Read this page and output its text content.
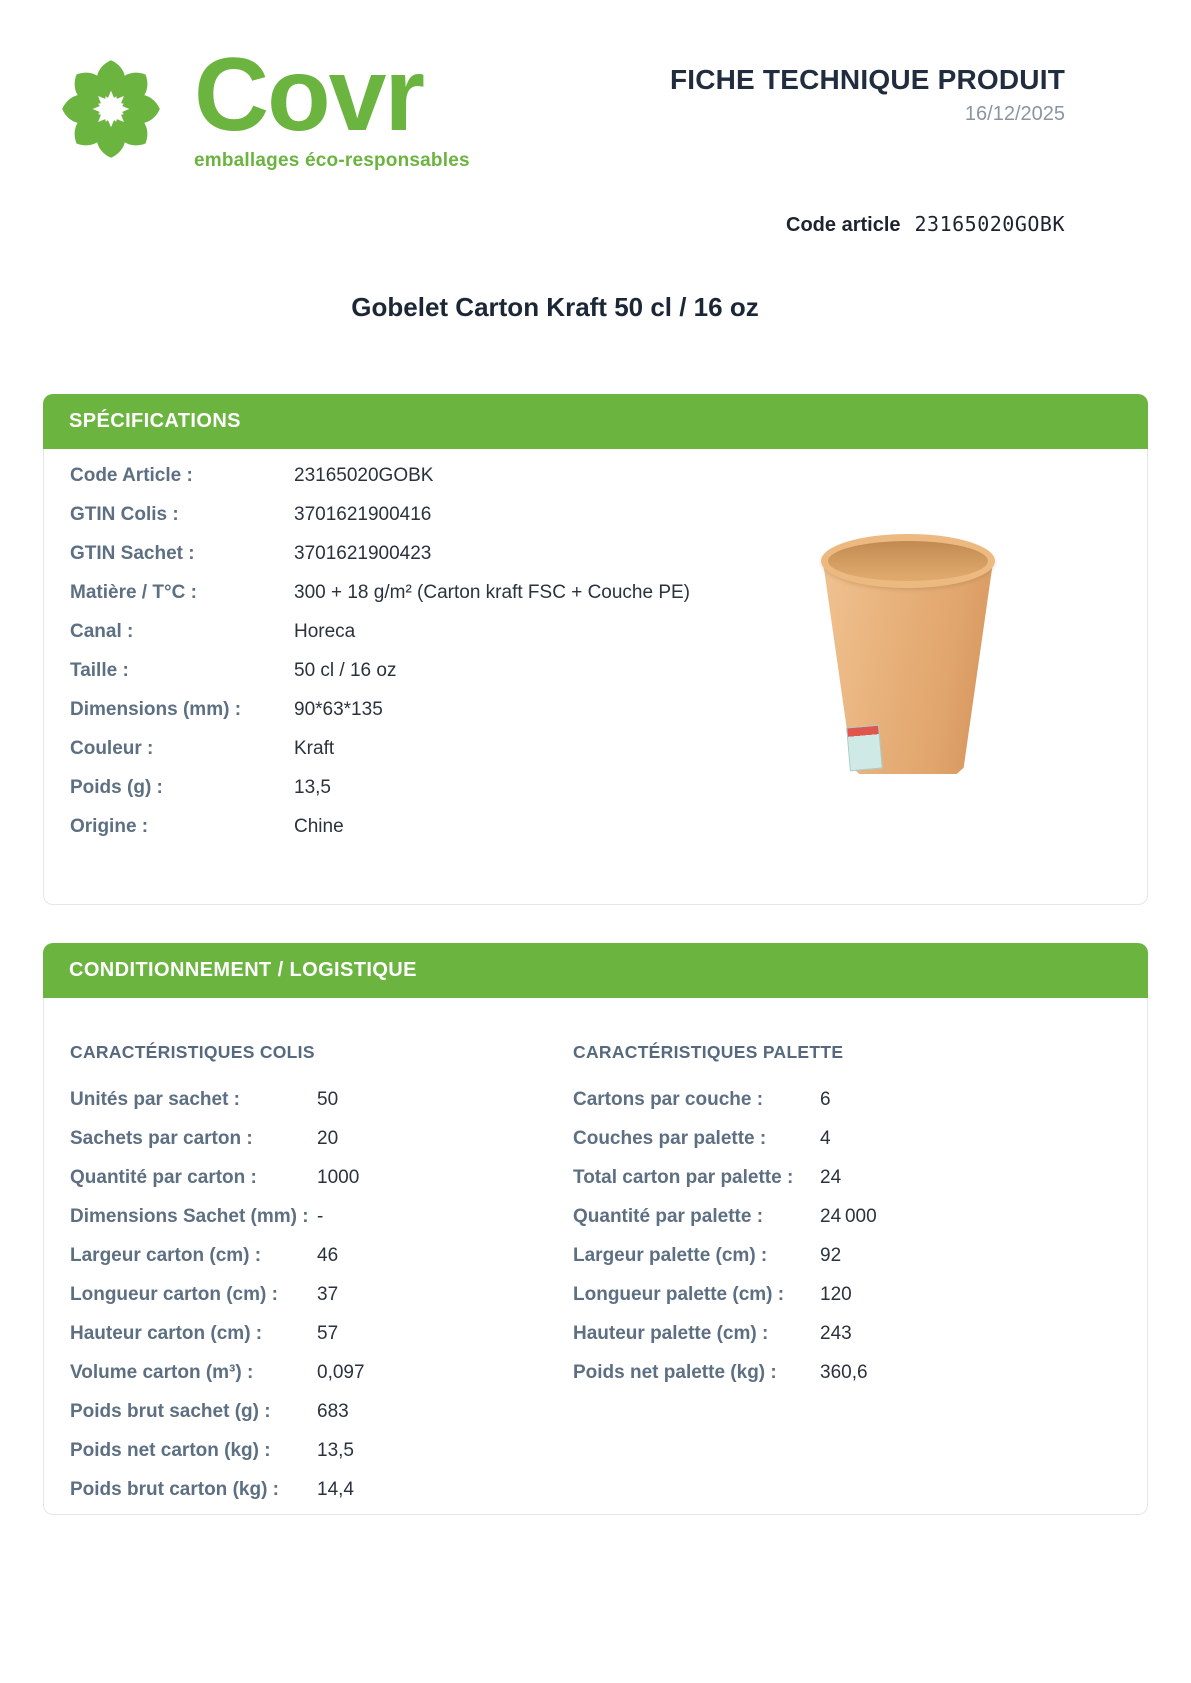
Covr
emballages éco-responsables
FICHE TECHNIQUE PRODUIT
16/12/2025
Code article 23165020GOBK
Gobelet Carton Kraft 50 cl / 16 oz
SPÉCIFICATIONS
Code Article :	23165020GOBK
GTIN Colis :	3701621900416
GTIN Sachet :	3701621900423
Matière / T°C :	300 + 18 g/m² (Carton kraft FSC + Couche PE)
Canal :	Horeca
Taille :	50 cl / 16 oz
Dimensions (mm) :	90*63*135
Couleur :	Kraft
Poids (g) :	13,5
Origine :	Chine
CONDITIONNEMENT / LOGISTIQUE
CARACTÉRISTIQUES COLIS
Unités par sachet :	50
Sachets par carton :	20
Quantité par carton :	1000
Dimensions Sachet (mm) : -
Largeur carton (cm) :	46
Longueur carton (cm) :	37
Hauteur carton (cm) :	57
Volume carton (m³) :	0,097
Poids brut sachet (g) :	683
Poids net carton (kg) :	13,5
Poids brut carton (kg) :	14,4
CARACTÉRISTIQUES PALETTE
Cartons par couche :	6
Couches par palette :	4
Total carton par palette :	24
Quantité par palette :	24 000
Largeur palette (cm) :	92
Longueur palette (cm) :	120
Hauteur palette (cm) :	243
Poids net palette (kg) :	360,6
